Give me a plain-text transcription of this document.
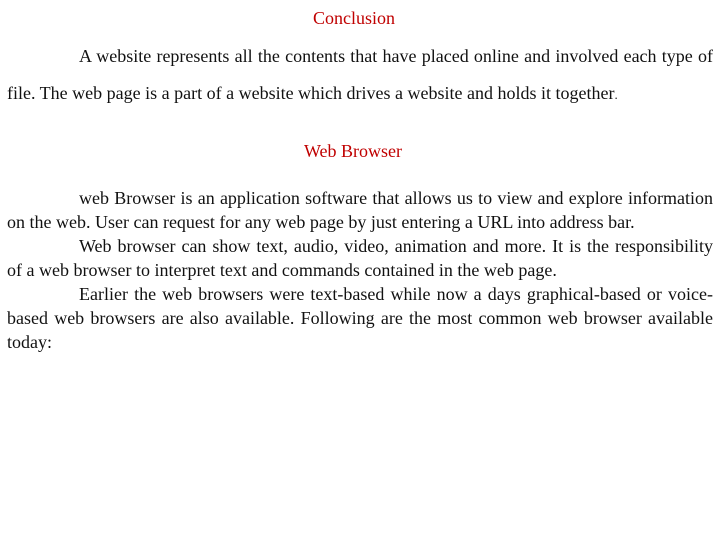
Conclusion

A website represents all the contents that have placed online and involved each type of file. The web page is a part of a website which drives a website and holds it together.

Web Browser

web Browser is an application software that allows us to view and explore information on the web. User can request for any web page by just entering a URL into address bar.

Web browser can show text, audio, video, animation and more. It is the responsibility of a web browser to interpret text and commands contained in the web page.

Earlier the web browsers were text-based while now a days graphical-based or voice-based web browsers are also available. Following are the most common web browser available today:
